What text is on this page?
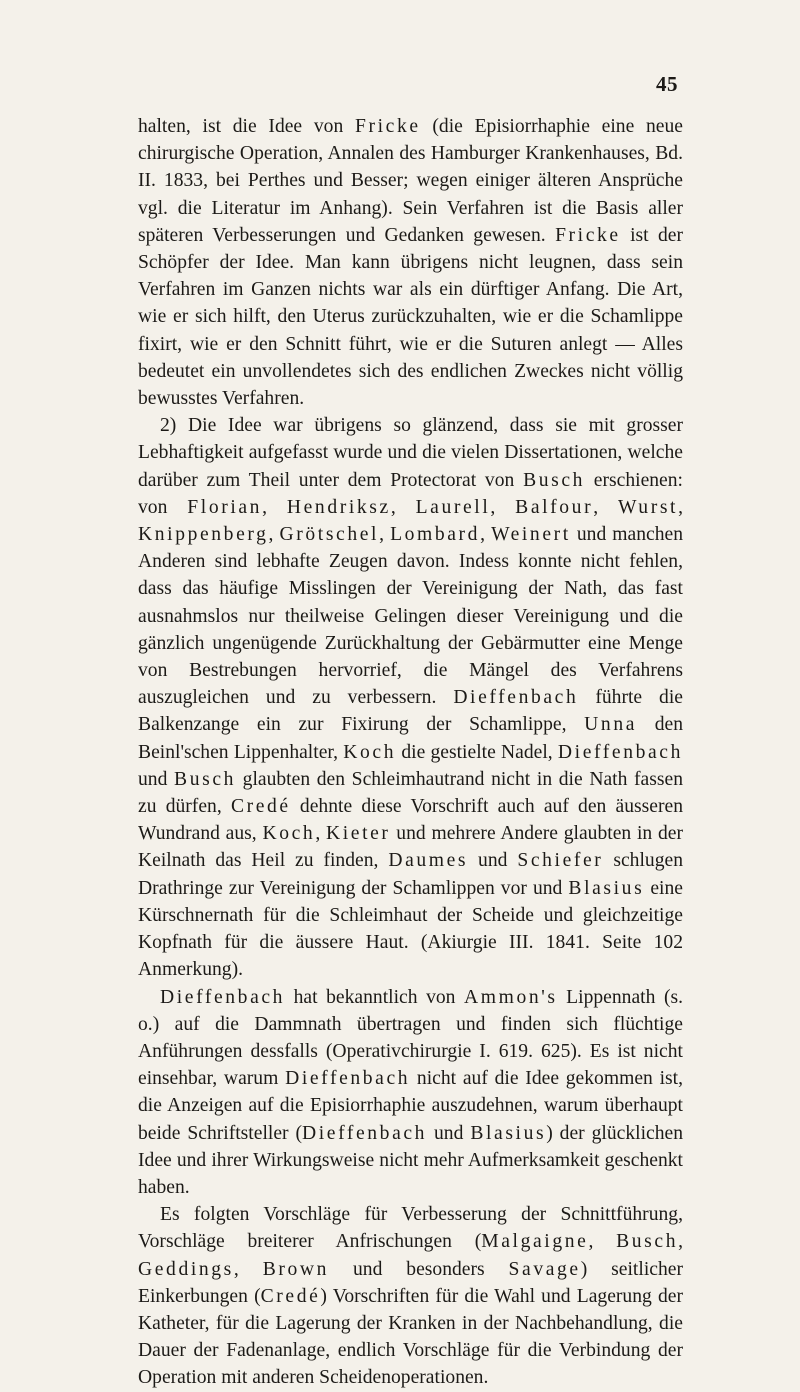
45

halten, ist die Idee von Fricke (die Episiorrhaphie eine neue chirurgische Operation, Annalen des Hamburger Krankenhauses, Bd. II. 1833, bei Perthes und Besser; wegen einiger älteren Ansprüche vgl. die Literatur im Anhang). Sein Verfahren ist die Basis aller späteren Verbesserungen und Gedanken gewesen. Fricke ist der Schöpfer der Idee. Man kann übrigens nicht leugnen, dass sein Verfahren im Ganzen nichts war als ein dürftiger Anfang. Die Art, wie er sich hilft, den Uterus zurückzuhalten, wie er die Schamlippe fixirt, wie er den Schnitt führt, wie er die Suturen anlegt — Alles bedeutet ein unvollendetes sich des endlichen Zweckes nicht völlig bewusstes Verfahren.

2) Die Idee war übrigens so glänzend, dass sie mit grosser Lebhaftigkeit aufgefasst wurde und die vielen Dissertationen, welche darüber zum Theil unter dem Protectorat von Busch erschienen: von Florian, Hendriksz, Laurell, Balfour, Wurst, Knippenberg, Grötschel, Lombard, Weinert und manchen Anderen sind lebhafte Zeugen davon. Indess konnte nicht fehlen, dass das häufige Misslingen der Vereinigung der Nath, das fast ausnahmslos nur theilweise Gelingen dieser Vereinigung und die gänzlich ungenügende Zurückhaltung der Gebärmutter eine Menge von Bestrebungen hervorrief, die Mängel des Verfahrens auszugleichen und zu verbessern. Dieffenbach führte die Balkenzange ein zur Fixirung der Schamlippe, Unna den Beinl'schen Lippenhalter, Koch die gestielte Nadel, Dieffenbach und Busch glaubten den Schleimhautrand nicht in die Nath fassen zu dürfen, Credé dehnte diese Vorschrift auch auf den äusseren Wundrand aus, Koch, Kieter und mehrere Andere glaubten in der Keilnath das Heil zu finden, Daumes und Schiefer schlugen Drathringe zur Vereinigung der Schamlippen vor und Blasius eine Kürschnernath für die Schleimhaut der Scheide und gleichzeitige Kopfnath für die äussere Haut. (Akiurgie III. 1841. Seite 102 Anmerkung).

Dieffenbach hat bekanntlich von Ammon's Lippennath (s. o.) auf die Dammnath übertragen und finden sich flüchtige Anführungen dessfalls (Operativchirurgie I. 619. 625). Es ist nicht einsehbar, warum Dieffenbach nicht auf die Idee gekommen ist, die Anzeigen auf die Episiorrhaphie auszudehnen, warum überhaupt beide Schriftsteller (Dieffenbach und Blasius) der glücklichen Idee und ihrer Wirkungsweise nicht mehr Aufmerksamkeit geschenkt haben.

Es folgten Vorschläge für Verbesserung der Schnittführung, Vorschläge breiterer Anfrischungen (Malgaigne, Busch, Geddings, Brown und besonders Savage) seitlicher Einkerbungen (Credé) Vorschriften für die Wahl und Lagerung der Katheter, für die Lagerung der Kranken in der Nachbehandlung, die Dauer der Fadenanlage, endlich Vorschläge für die Verbindung der Operation mit anderen Scheidenoperationen.
